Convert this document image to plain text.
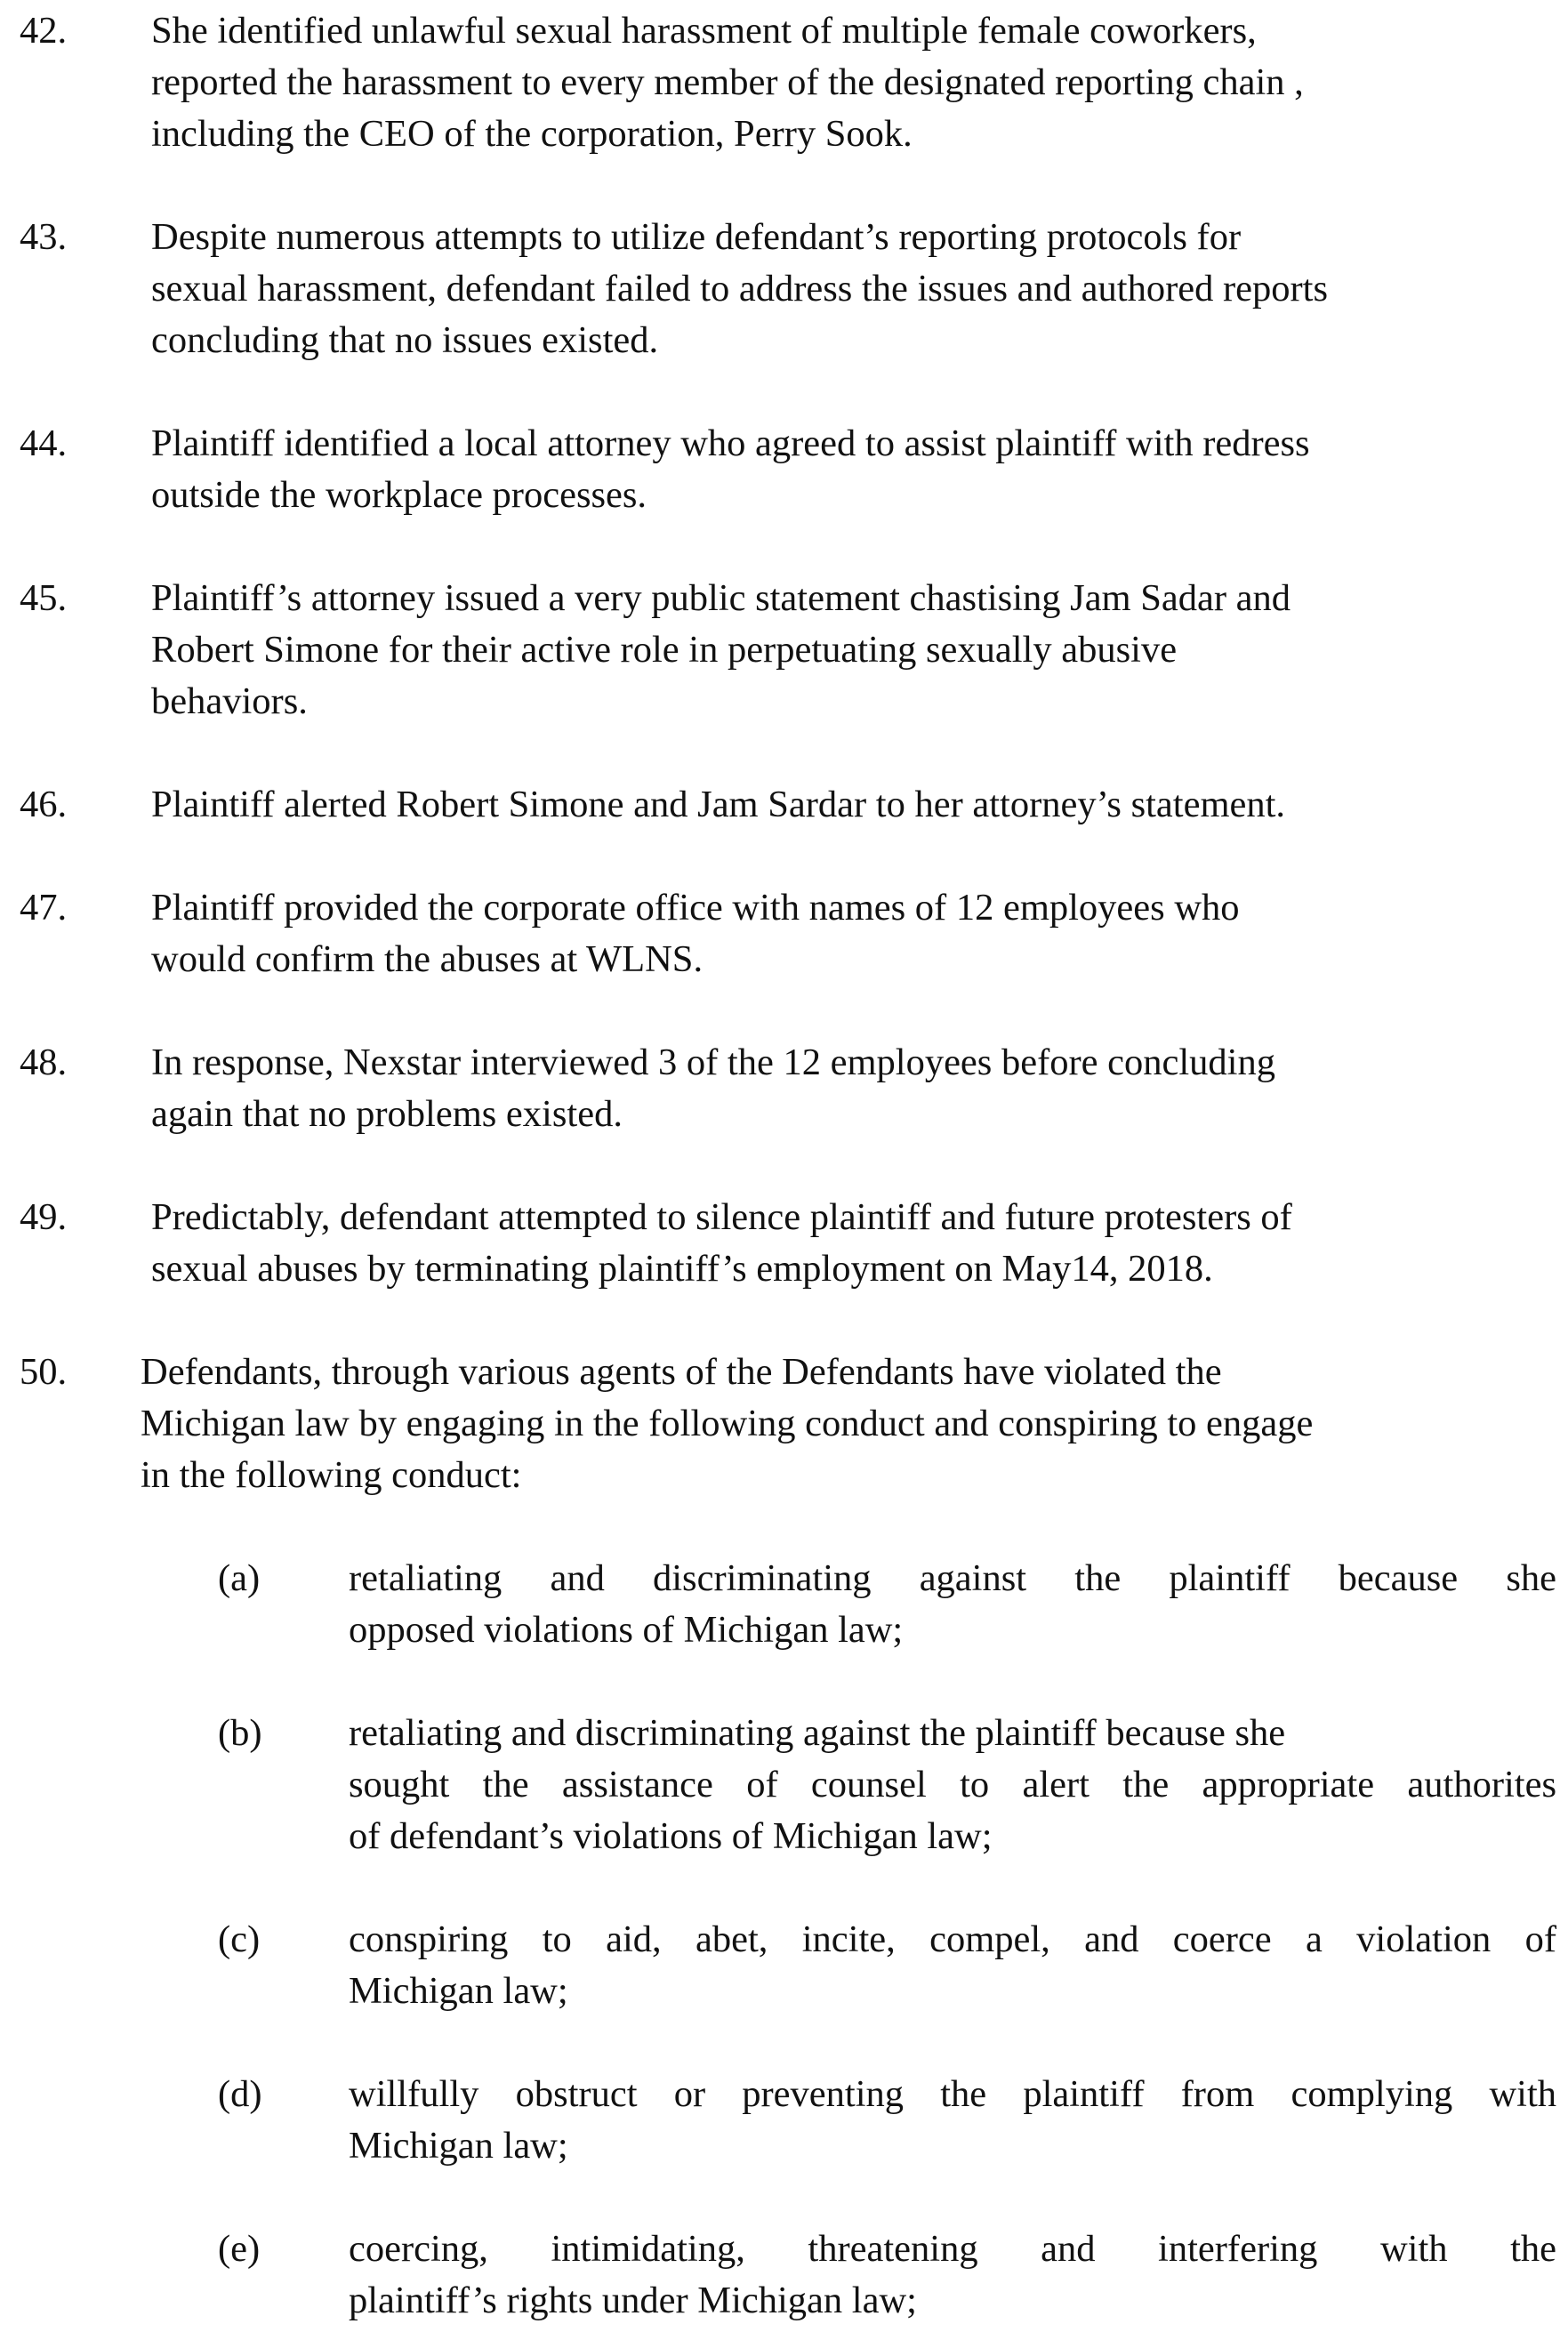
42. She identified unlawful sexual harassment of multiple female coworkers,
reported the harassment to every member of the designated reporting chain ,
including the CEO of the corporation, Perry Sook.
43. Despite numerous attempts to utilize defendant’s reporting protocols for
sexual harassment, defendant failed to address the issues and authored reports
concluding that no issues existed.
44. Plaintiff identified a local attorney who agreed to assist plaintiff with redress
outside the workplace processes.
45. Plaintiff’s attorney issued a very public statement chastising Jam Sadar and
Robert Simone for their active role in perpetuating sexually abusive
behaviors.
46. Plaintiff alerted Robert Simone and Jam Sardar to her attorney’s statement.
47. Plaintiff provided the corporate office with names of 12 employees who
would confirm the abuses at WLNS.
48. In response, Nexstar interviewed 3 of the 12 employees before concluding
again that no problems existed.
49. Predictably, defendant attempted to silence plaintiff and future protesters of
sexual abuses by terminating plaintiff’s employment on May14, 2018.
50. Defendants, through various agents of the Defendants have violated the
Michigan law by engaging in the following conduct and conspiring to engage
in the following conduct:
(a) retaliating and discriminating against the plaintiff because she
opposed violations of Michigan law;
(b) retaliating and discriminating against the plaintiff because she
sought the assistance of counsel to alert the appropriate authorites
of defendant’s violations of Michigan law;
(c) conspiring to aid, abet, incite, compel, and coerce a violation of
Michigan law;
(d) willfully obstruct or preventing the plaintiff from complying with
Michigan law;
(e) coercing, intimidating, threatening and interfering with the
plaintiff’s rights under Michigan law;
